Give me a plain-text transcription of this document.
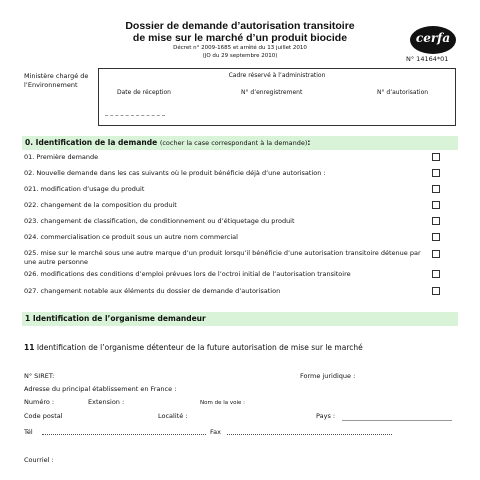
Dossier de demande d’autorisation transitoire
de mise sur le marché d’un produit biocide
Décret n° 2009-1685 et arrêté du 13 juillet 2010
(JO du 29 septembre 2010)
cerfa
N° 14164*01
Ministère chargé de l’Environnement
Cadre réservé à l’administration
Date de réception	N° d’enregistrement	N° d’autorisation
0. Identification de la demande (cocher la case correspondant à la demande):
01. Première demande
02. Nouvelle demande dans les cas suivants où le produit bénéficie déjà d’une autorisation :
021. modification d’usage du produit
022. changement de la composition du produit
023. changement de classification, de conditionnement ou d’étiquetage du produit
024. commercialisation ce produit sous un autre nom commercial
025. mise sur le marché sous une autre marque d’un produit lorsqu’il bénéficie d’une autorisation transitoire détenue par une autre personne
026. modifications des conditions d’emploi prévues lors de l’octroi initial de l’autorisation transitoire
027. changement notable aux éléments du dossier de demande d’autorisation
1 Identification de l’organisme demandeur
11 Identification de l’organisme détenteur de la future autorisation de mise sur le marché
N° SIRET:	Forme juridique :
Adresse du principal établissement en France :
Numéro :	Extension :	Nom de la voie :
Code postal	Localité :	Pays :
Tél	Fax
Courriel :
